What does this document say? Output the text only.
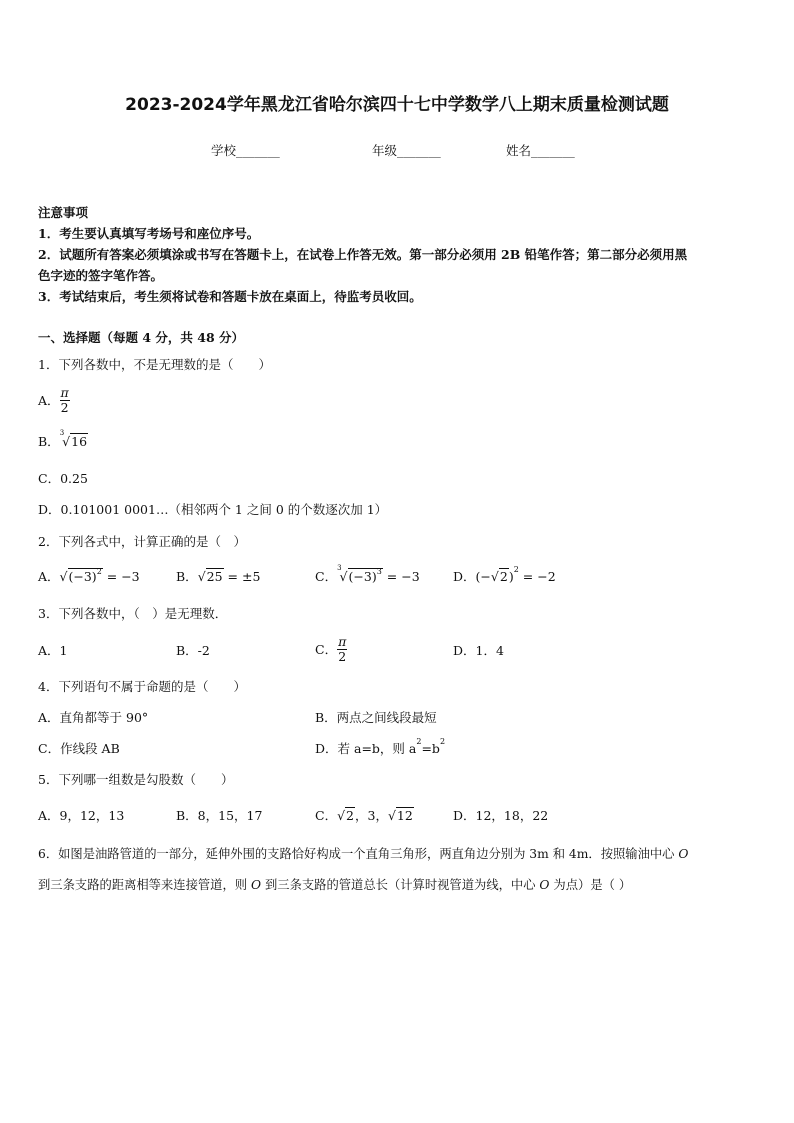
2023-2024学年黑龙江省哈尔滨四十七中学数学八上期末质量检测试题
学校_______	年级_______	姓名_______
注意事项
1．考生要认真填写考场号和座位序号。
2．试题所有答案必须填涂或书写在答题卡上，在试卷上作答无效。第一部分必须用 2B 铅笔作答；第二部分必须用黑
色字迹的签字笔作答。
3．考试结束后，考生须将试卷和答题卡放在桌面上，待监考员收回。
一、选择题（每题 4 分，共 48 分）
1．下列各数中，不是无理数的是（　　）
A． $\frac{\pi}{2}$
B．$^3$√16
C．0.25
D．0.101001 0001…（相邻两个 1 之间 0 的个数逐次加 1）
2．下列各式中，计算正确的是（　）
A．$√(-3)^2 = -3$	B．√25 = ±5	C．$^3√(-3)^3 = -3$	D．$(-√2)^2 = -2$
3．下列各数中，（　）是无理数．
A．1	B．-2	C． $\frac{\pi}{2}$	D．1．4
4．下列语句不属于命题的是（　　）
A．直角都等于 90°	B．两点之间线段最短
C．作线段 AB	D．若 a=b，则 $a^2=b^2$
5．下列哪一组数是勾股数（　　）
A．9，12，13	B．8，15，17	C．√2，3，√12	D．12，18，22
6．如图是油路管道的一部分，延伸外围的支路恰好构成一个直角三角形，两直角边分别为 3m 和 4m．按照输油中心 O
到三条支路的距离相等来连接管道，则 O 到三条支路的管道总长（计算时视管道为线，中心 O 为点）是（ ）
